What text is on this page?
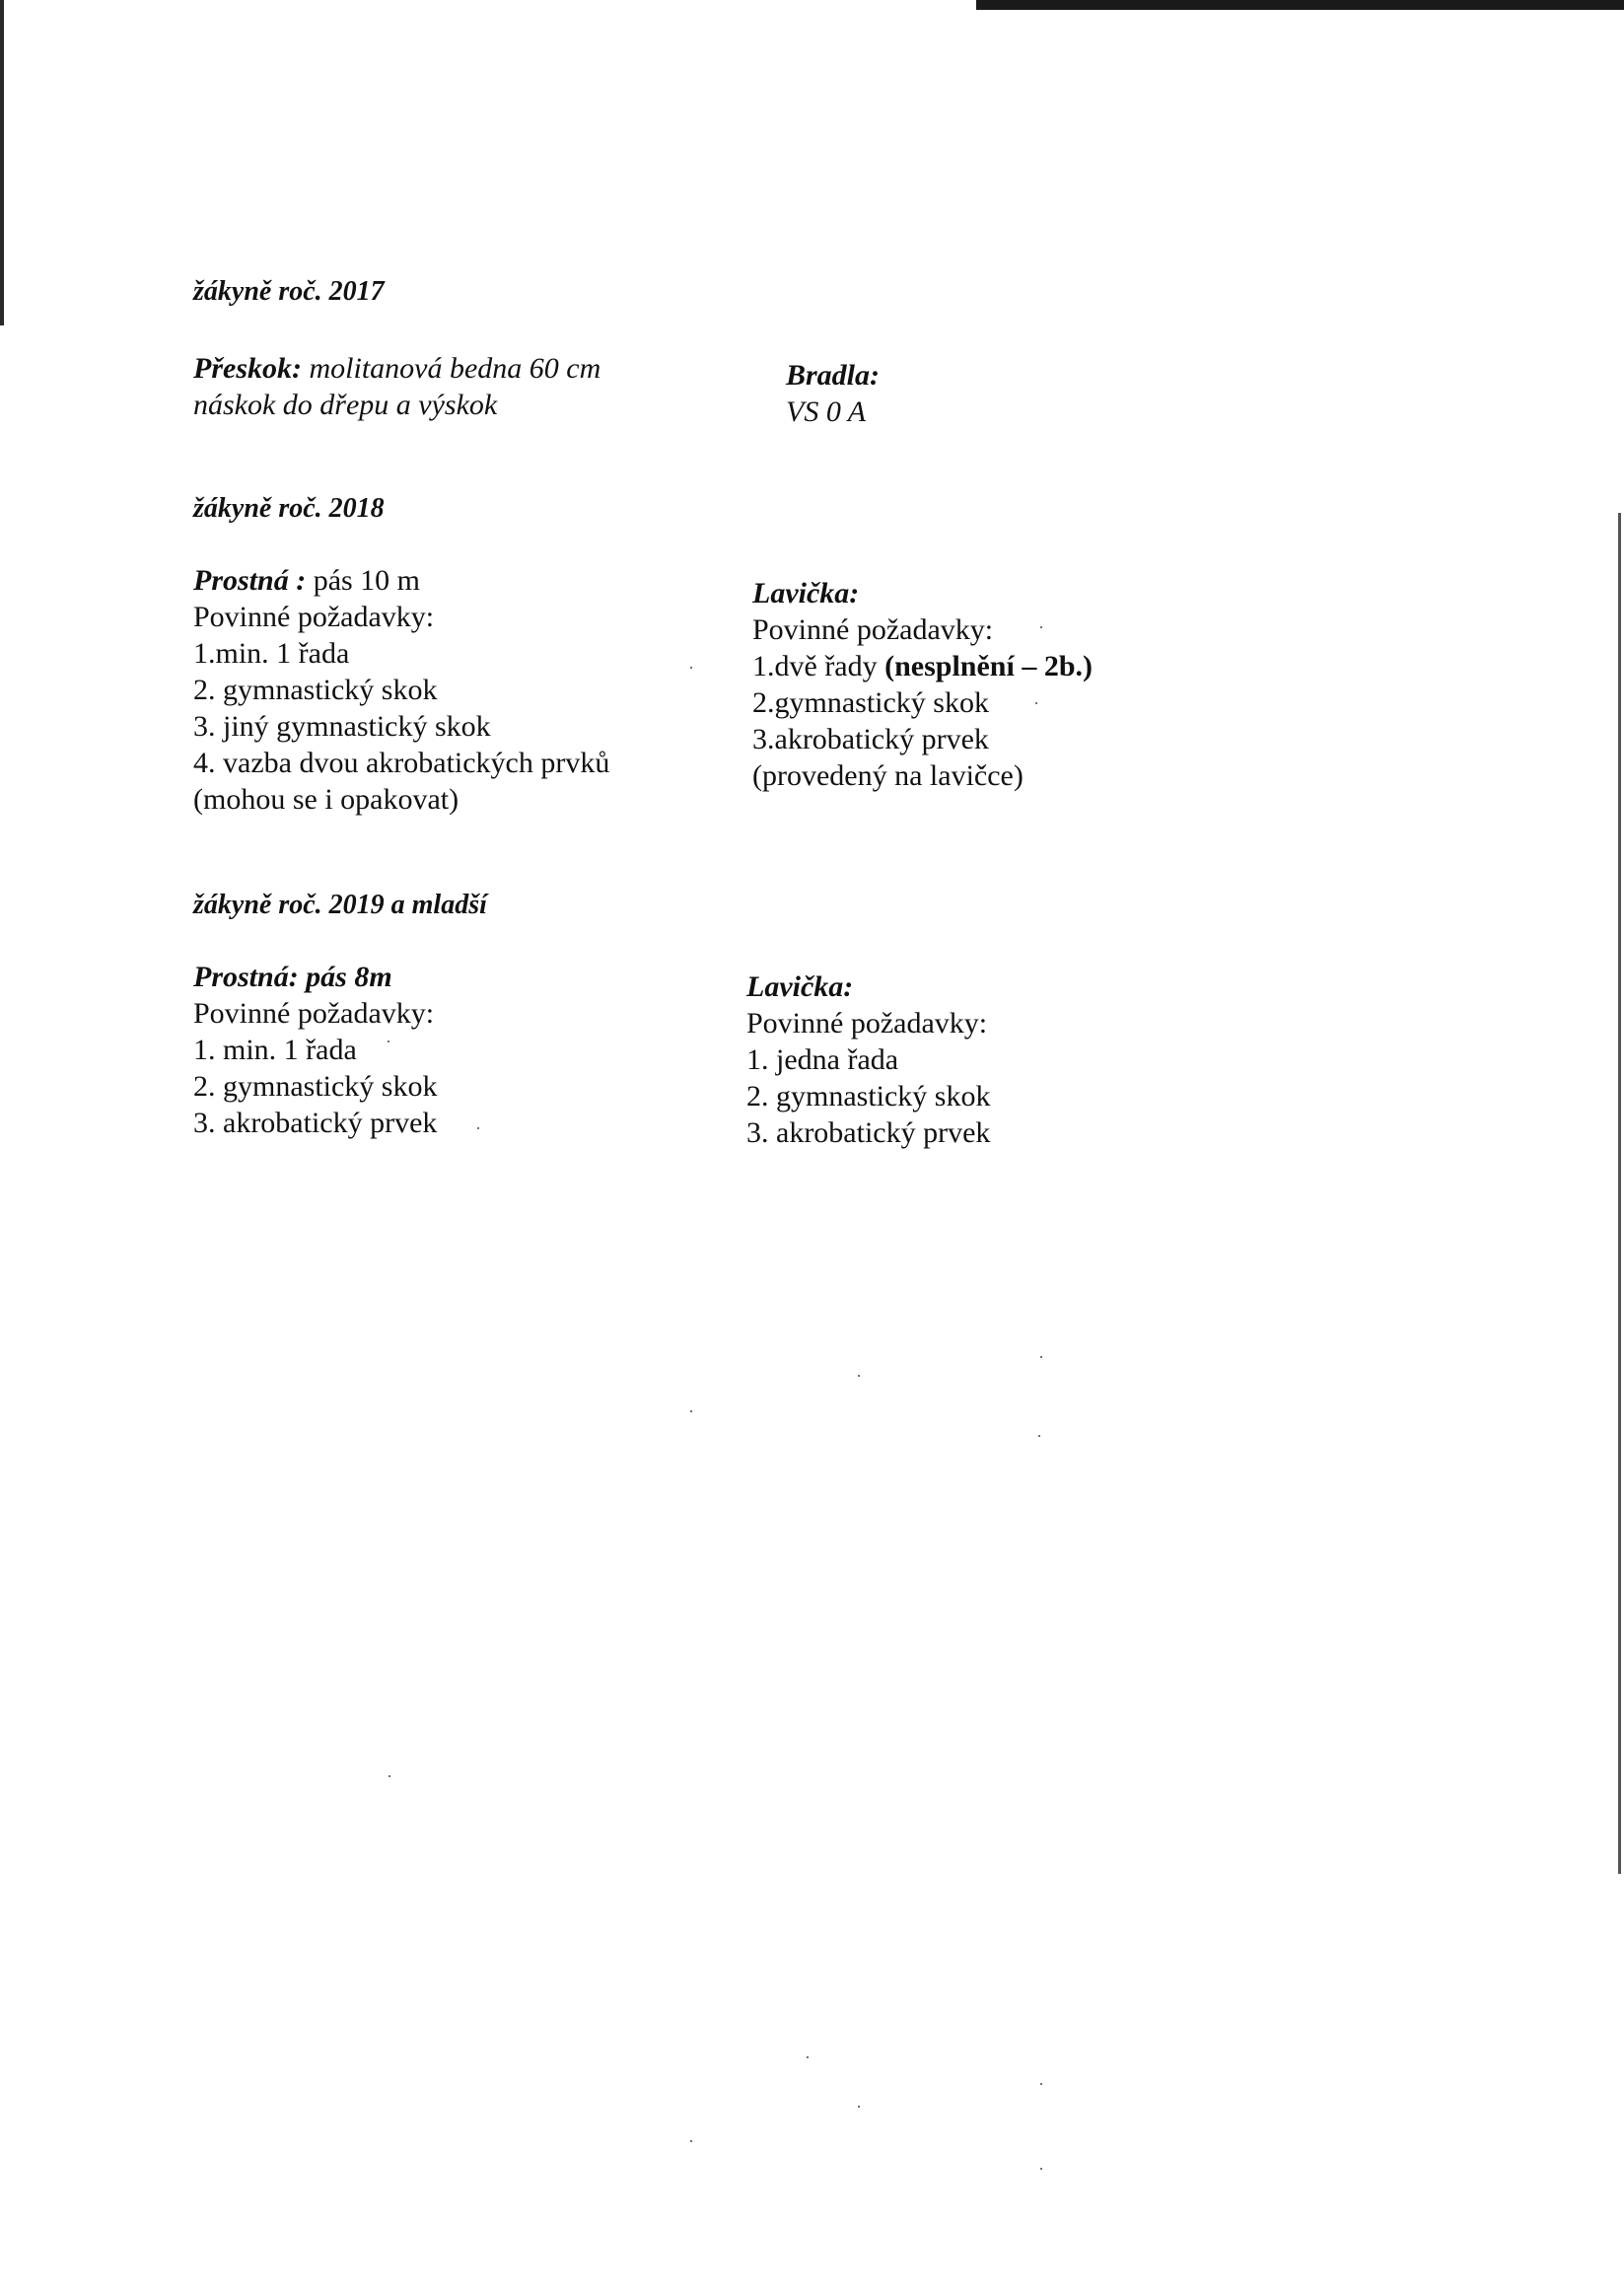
žákyně roč. 2017
Přeskok: molitanová bedna 60 cm
náskok do dřepu a výskok
Bradla:
VS 0 A
žákyně roč. 2018
Prostná : pás 10 m
Povinné požadavky:
1.min. 1 řada
2. gymnastický skok
3. jiný gymnastický skok
4. vazba dvou akrobatických prvků
(mohou se i opakovat)
Lavička:
Povinné požadavky:
1.dvě řady (nesplnění – 2b.)
2.gymnastický skok
3.akrobatický prvek
(provedený na lavičce)
žákyně roč. 2019 a mladší
Prostná: pás 8m
Povinné požadavky:
1. min. 1 řada
2. gymnastický skok
3. akrobatický prvek
Lavička:
Povinné požadavky:
1. jedna řada
2. gymnastický skok
3. akrobatický prvek
